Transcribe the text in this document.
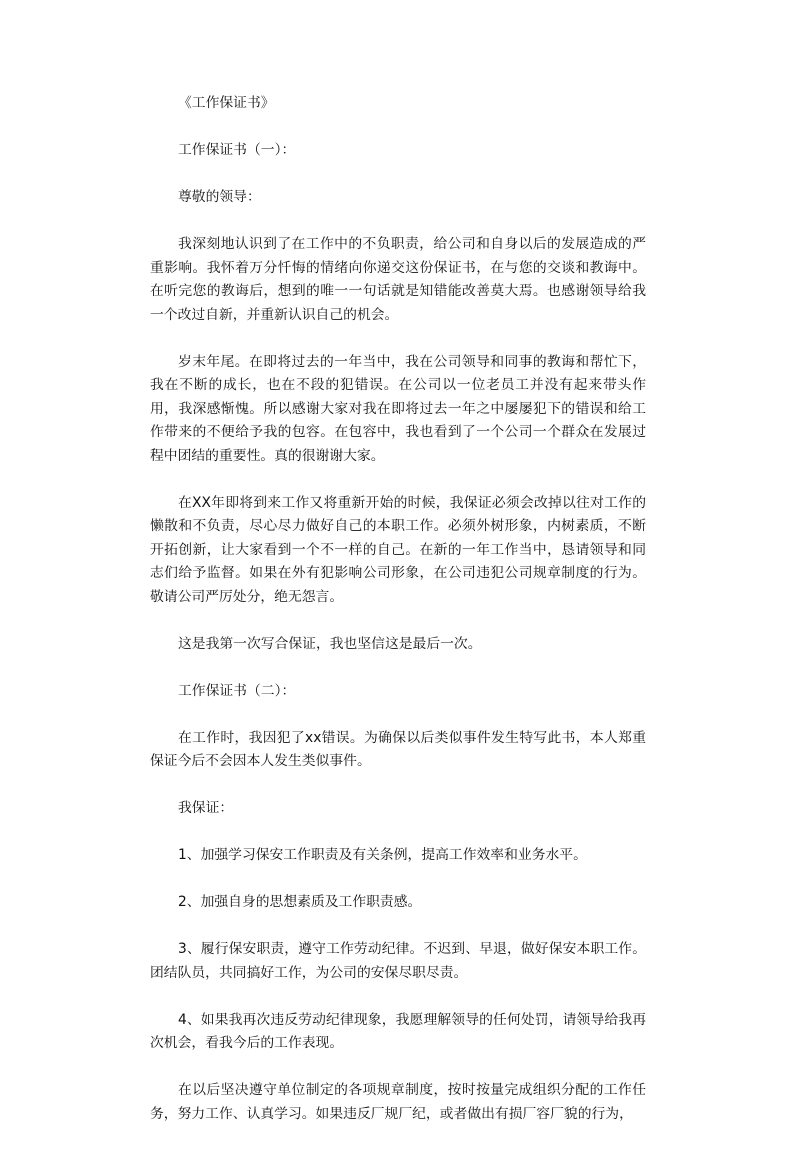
《工作保证书》

工作保证书（一）：

尊敬的领导：

我深刻地认识到了在工作中的不负职责，给公司和自身以后的发展造成的严重影响。我怀着万分忏悔的情绪向你递交这份保证书，在与您的交谈和教诲中。在听完您的教诲后，想到的唯一一句话就是知错能改善莫大焉。也感谢领导给我一个改过自新，并重新认识自己的机会。

岁末年尾。在即将过去的一年当中，我在公司领导和同事的教诲和帮忙下，我在不断的成长，也在不段的犯错误。在公司以一位老员工并没有起来带头作用，我深感惭愧。所以感谢大家对我在即将过去一年之中屡屡犯下的错误和给工作带来的不便给予我的包容。在包容中，我也看到了一个公司一个群众在发展过程中团结的重要性。真的很谢谢大家。

在XX年即将到来工作又将重新开始的时候，我保证必须会改掉以往对工作的懒散和不负责，尽心尽力做好自己的本职工作。必须外树形象，内树素质，不断开拓创新，让大家看到一个不一样的自己。在新的一年工作当中，恳请领导和同志们给予监督。如果在外有犯影响公司形象，在公司违犯公司规章制度的行为。敬请公司严厉处分，绝无怨言。

这是我第一次写合保证，我也坚信这是最后一次。

工作保证书（二）：

在工作时，我因犯了xx错误。为确保以后类似事件发生特写此书，本人郑重保证今后不会因本人发生类似事件。

我保证：

1、加强学习保安工作职责及有关条例，提高工作效率和业务水平。

2、加强自身的思想素质及工作职责感。

3、履行保安职责，遵守工作劳动纪律。不迟到、早退，做好保安本职工作。团结队员，共同搞好工作，为公司的安保尽职尽责。

4、如果我再次违反劳动纪律现象，我愿理解领导的任何处罚，请领导给我再次机会，看我今后的工作表现。

在以后坚决遵守单位制定的各项规章制度，按时按量完成组织分配的工作任务，努力工作、认真学习。如果违反厂规厂纪，或者做出有损厂容厂貌的行为，
